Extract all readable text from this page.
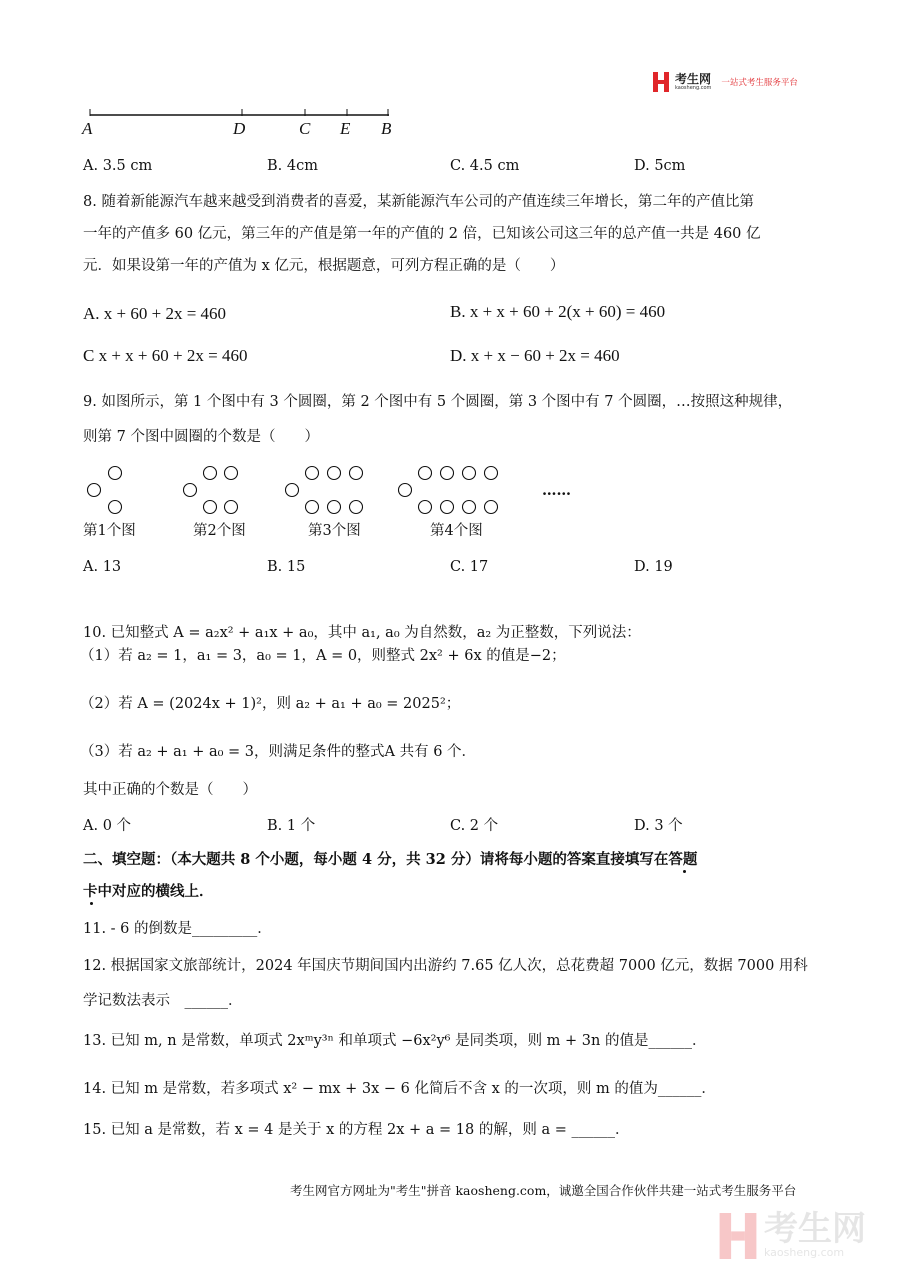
考生网
kaosheng.com 一站式考生服务平台
A	D	C E B
A. 3.5 cm	B. 4cm	C. 4.5 cm	D. 5cm
8. 随着新能源汽车越来越受到消费者的喜爱，某新能源汽车公司的产值连续三年增长，第二年的产值比第
一年的产值多 60 亿元，第三年的产值是第一年的产值的 2 倍，已知该公司这三年的总产值一共是 460 亿
元．如果设第一年的产值为 x 亿元，根据题意，可列方程正确的是（　　）
A. x + 60 + 2x = 460	B. x + x + 60 + 2(x + 60) = 460
C x + x + 60 + 2x = 460	D. x + x − 60 + 2x = 460
9. 如图所示，第 1 个图中有 3 个圆圈，第 2 个图中有 5 个圆圈，第 3 个图中有 7 个圆圈，…按照这种规律，
则第 7 个图中圆圈的个数是（　　）
……
第1个图	第2个图	第3个图	第4个图
A. 13	B. 15	C. 17	D. 19
10. 已知整式 A = a₂x² + a₁x + a₀，其中 a₁, a₀ 为自然数，a₂ 为正整数，下列说法：
（1）若 a₂ = 1，a₁ = 3，a₀ = 1，A = 0，则整式 2x² + 6x 的值是−2；
（2）若 A = (2024x + 1)²，则 a₂ + a₁ + a₀ = 2025²；
（3）若 a₂ + a₁ + a₀ = 3，则满足条件的整式A 共有 6 个．
其中正确的个数是（　　）
A. 0 个	B. 1 个	C. 2 个	D. 3 个
二、填空题：（本大题共 8 个小题，每小题 4 分，共 32 分）请将每小题的答案直接填写在答题
卡中对应的横线上．
11. ‑ 6 的倒数是_________．
12. 根据国家文旅部统计，2024 年国庆节期间国内出游约 7.65 亿人次，总花费超 7000 亿元，数据 7000 用科
学记数法表示　______．
13. 已知 m, n 是常数，单项式 2xᵐy³ⁿ 和单项式 −6x²y⁶ 是同类项，则 m + 3n 的值是______．
14. 已知 m 是常数，若多项式 x² − mx + 3x − 6 化简后不含 x 的一次项，则 m 的值为______．
15. 已知 a 是常数，若 x = 4 是关于 x 的方程 2x + a = 18 的解，则 a = ______．
考生网官方网址为"考生"拼音 kaosheng.com，诚邀全国合作伙伴共建一站式考生服务平台
考生网
kaosheng.com
